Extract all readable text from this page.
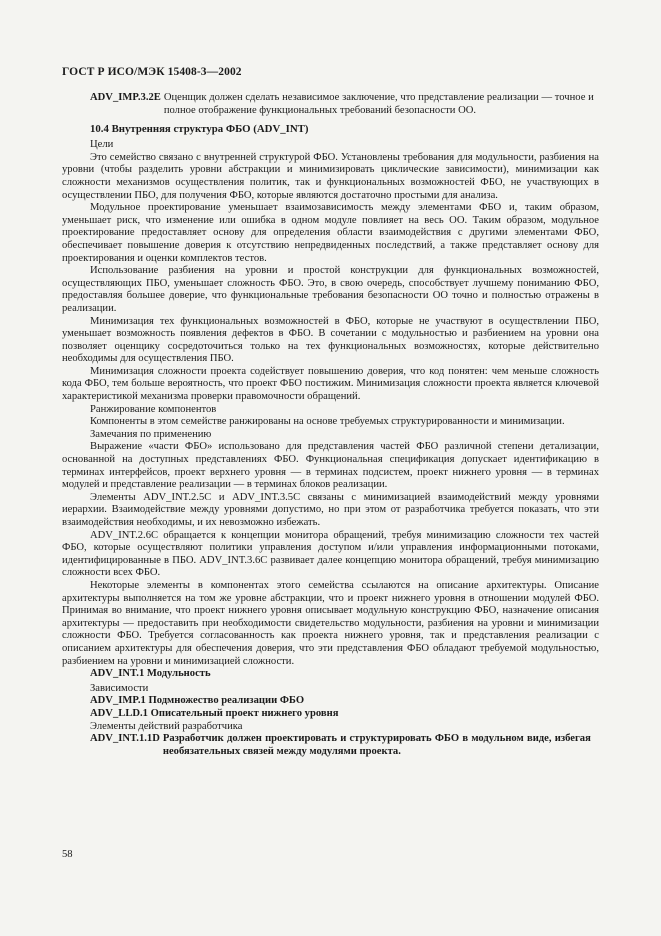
ГОСТ Р ИСО/МЭК 15408-3—2002
ADV_IMP.3.2E Оценщик должен сделать независимое заключение, что представление реализации — точное и полное отображение функциональных требований безопасности ОО.
10.4 Внутренняя структура ФБО (ADV_INT)
Цели

Это семейство связано с внутренней структурой ФБО. Установлены требования для модульности, разбиения на уровни (чтобы разделить уровни абстракции и минимизировать циклические зависимости), минимизации как сложности механизмов осуществления политик, так и функциональных возможностей ФБО, не участвующих в осуществлении ПБО, для получения ФБО, которые являются достаточно простыми для анализа.

Модульное проектирование уменьшает взаимозависимость между элементами ФБО и, таким образом, уменьшает риск, что изменение или ошибка в одном модуле повлияет на весь ОО. Таким образом, модульное проектирование предоставляет основу для определения области взаимодействия с другими элементами ФБО, обеспечивает повышение доверия к отсутствию непредвиденных последствий, а также представляет основу для проектирования и оценки комплектов тестов.

Использование разбиения на уровни и простой конструкции для функциональных возможностей, осуществляющих ПБО, уменьшает сложность ФБО. Это, в свою очередь, способствует лучшему пониманию ФБО, предоставляя большее доверие, что функциональные требования безопасности ОО точно и полностью отражены в реализации.

Минимизация тех функциональных возможностей в ФБО, которые не участвуют в осуществлении ПБО, уменьшает возможность появления дефектов в ФБО. В сочетании с модульностью и разбиением на уровни она позволяет оценщику сосредоточиться только на тех функциональных возможностях, которые действительно необходимы для осуществления ПБО.

Минимизация сложности проекта содействует повышению доверия, что код понятен: чем меньше сложность кода ФБО, тем больше вероятность, что проект ФБО постижим. Минимизация сложности проекта является ключевой характеристикой механизма проверки правомочности обращений.

Ранжирование компонентов

Компоненты в этом семействе ранжированы на основе требуемых структурированности и минимизации.

Замечания по применению

Выражение «части ФБО» использовано для представления частей ФБО различной степени детализации, основанной на доступных представлениях ФБО. Функциональная спецификация допускает идентификацию в терминах интерфейсов, проект верхнего уровня — в терминах подсистем, проект нижнего уровня — в терминах модулей и представление реализации — в терминах блоков реализации.

Элементы ADV_INT.2.5C и ADV_INT.3.5C связаны с минимизацией взаимодействий между уровнями иерархии. Взаимодействие между уровнями допустимо, но при этом от разработчика требуется показать, что эти взаимодействия необходимы, и их невозможно избежать.

ADV_INT.2.6C обращается к концепции монитора обращений, требуя минимизацию сложности тех частей ФБО, которые осуществляют политики управления доступом и/или управления информационными потоками, идентифицированные в ПБО. ADV_INT.3.6C развивает далее концепцию монитора обращений, требуя минимизацию сложности всех ФБО.

Некоторые элементы в компонентах этого семейства ссылаются на описание архитектуры. Описание архитектуры выполняется на том же уровне абстракции, что и проект нижнего уровня в отношении модулей ФБО. Принимая во внимание, что проект нижнего уровня описывает модульную конструкцию ФБО, назначение описания архитектуры — предоставить при необходимости свидетельство модульности, разбиения на уровни и минимизации сложности ФБО. Требуется согласованность как проекта нижнего уровня, так и представления реализации с описанием архитектуры для обеспечения доверия, что эти представления ФБО обладают требуемой модульностью, разбиением на уровни и минимизацией сложности.

ADV_INT.1 Модульность
Зависимости
ADV_IMP.1 Подмножество реализации ФБО
ADV_LLD.1 Описательный проект нижнего уровня
Элементы действий разработчика
ADV_INT.1.1D Разработчик должен проектировать и структурировать ФБО в модульном виде, избегая необязательных связей между модулями проекта.
58
